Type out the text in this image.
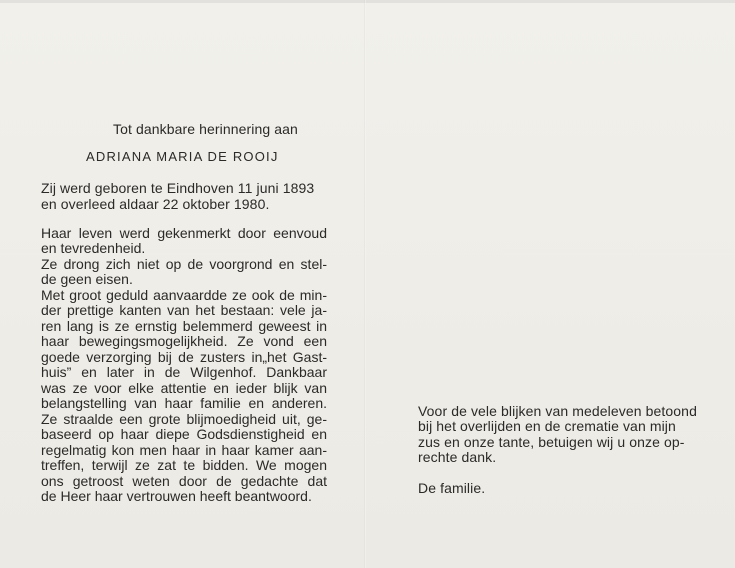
Tot dankbare herinnering aan
ADRIANA MARIA DE ROOIJ
Zij werd geboren te Eindhoven 11 juni 1893
en overleed aldaar 22 oktober 1980.
Haar leven werd gekenmerkt door eenvoud
en tevredenheid.
Ze drong zich niet op de voorgrond en stel-
de geen eisen.
Met groot geduld aanvaardde ze ook de min-
der prettige kanten van het bestaan: vele ja-
ren lang is ze ernstig belemmerd geweest in
haar bewegingsmogelijkheid. Ze vond een
goede verzorging bij de zusters in„het Gast-
huis” en later in de Wilgenhof. Dankbaar
was ze voor elke attentie en ieder blijk van
belangstelling van haar familie en anderen.
Ze straalde een grote blijmoedigheid uit, ge-
baseerd op haar diepe Godsdienstigheid en
regelmatig kon men haar in haar kamer aan-
treffen, terwijl ze zat te bidden. We mogen
ons getroost weten door de gedachte dat
de Heer haar vertrouwen heeft beantwoord.
Voor de vele blijken van medeleven betoond
bij het overlijden en de crematie van mijn
zus en onze tante, betuigen wij u onze op-
rechte dank.
De familie.
